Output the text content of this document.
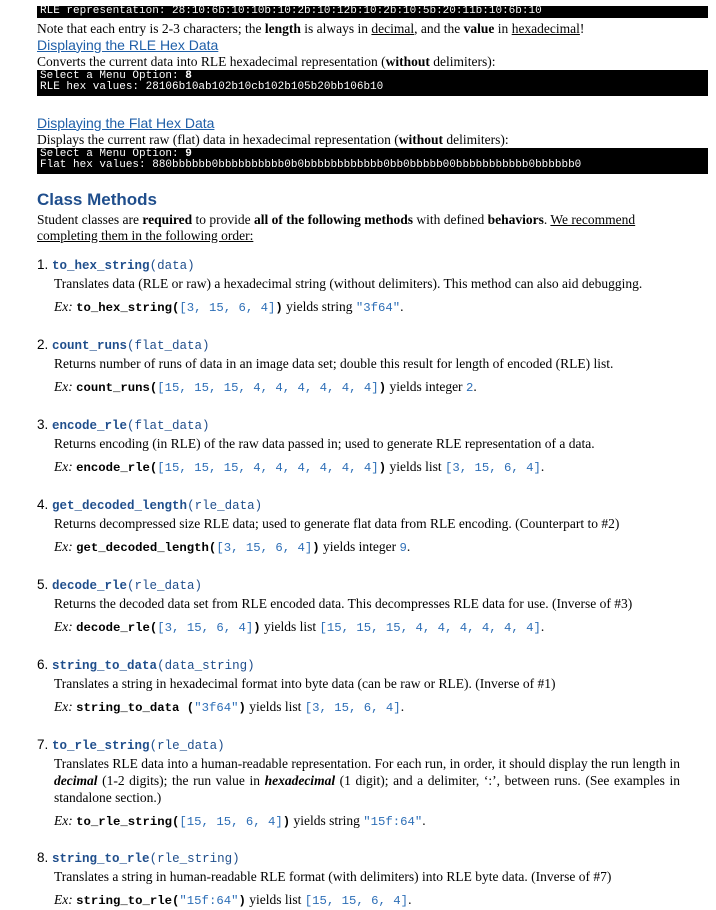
RLE representation: 28:10:6b:10:10b:10:2b:10:12b:10:2b:10:5b:20:11b:10:6b:10
Note that each entry is 2-3 characters; the length is always in decimal, and the value in hexadecimal!
Displaying the RLE Hex Data
Converts the current data into RLE hexadecimal representation (without delimiters):
Select a Menu Option: 8
RLE hex values: 28106b10ab102b10cb102b105b20bb106b10
Displaying the Flat Hex Data
Displays the current raw (flat) data in hexadecimal representation (without delimiters):
Select a Menu Option: 9
Flat hex values: 880bbbbbb0bbbbbbbbbb0b0bbbbbbbbbbbb0bb0bbbbb00bbbbbbbbbbb0bbbbbb0
Class Methods
Student classes are required to provide all of the following methods with defined behaviors. We recommend
completing them in the following order:
1. to_hex_string(data)
Translates data (RLE or raw) a hexadecimal string (without delimiters). This method can also aid debugging.
Ex: to_hex_string([3, 15, 6, 4]) yields string "3f64".
2. count_runs(flat_data)
Returns number of runs of data in an image data set; double this result for length of encoded (RLE) list.
Ex: count_runs([15, 15, 15, 4, 4, 4, 4, 4, 4]) yields integer 2.
3. encode_rle(flat_data)
Returns encoding (in RLE) of the raw data passed in; used to generate RLE representation of a data.
Ex: encode_rle([15, 15, 15, 4, 4, 4, 4, 4, 4]) yields list [3, 15, 6, 4].
4. get_decoded_length(rle_data)
Returns decompressed size RLE data; used to generate flat data from RLE encoding. (Counterpart to #2)
Ex: get_decoded_length([3, 15, 6, 4]) yields integer 9.
5. decode_rle(rle_data)
Returns the decoded data set from RLE encoded data. This decompresses RLE data for use. (Inverse of #3)
Ex: decode_rle([3, 15, 6, 4]) yields list [15, 15, 15, 4, 4, 4, 4, 4, 4].
6. string_to_data(data_string)
Translates a string in hexadecimal format into byte data (can be raw or RLE). (Inverse of #1)
Ex: string_to_data ("3f64") yields list [3, 15, 6, 4].
7. to_rle_string(rle_data)
Translates RLE data into a human-readable representation. For each run, in order, it should display the run length in decimal (1-2 digits); the run value in hexadecimal (1 digit); and a delimiter, ‘:’, between runs. (See examples in standalone section.)
Ex: to_rle_string([15, 15, 6, 4]) yields string "15f:64".
8. string_to_rle(rle_string)
Translates a string in human-readable RLE format (with delimiters) into RLE byte data. (Inverse of #7)
Ex: string_to_rle("15f:64") yields list [15, 15, 6, 4].
